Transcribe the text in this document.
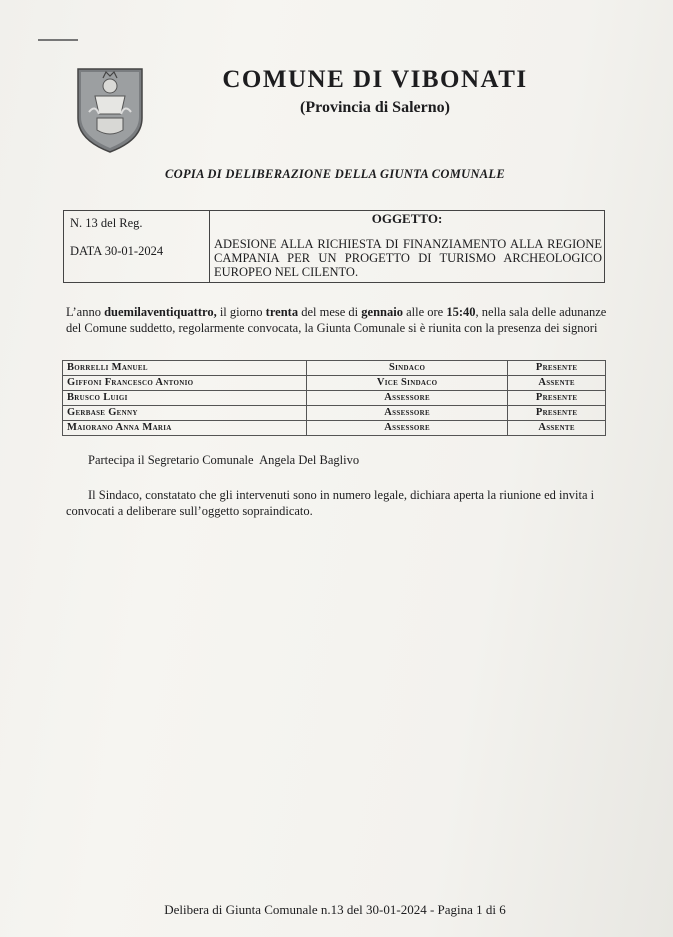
COMUNE DI VIBONATI
(Provincia di Salerno)
COPIA DI DELIBERAZIONE DELLA GIUNTA COMUNALE
N. 13 del Reg.
DATA 30-01-2024
OGGETTO:
ADESIONE ALLA RICHIESTA DI FINANZIAMENTO ALLA REGIONE CAMPANIA PER UN PROGETTO DI TURISMO ARCHEOLOGICO EUROPEO NEL CILENTO.
L’anno duemilaventiquattro, il giorno trenta del mese di gennaio alle ore 15:40, nella sala delle adunanze del Comune suddetto, regolarmente convocata, la Giunta Comunale si è riunita con la presenza dei signori
Borrelli Manuel	Sindaco	Presente
Giffoni Francesco Antonio	Vice Sindaco	Assente
Brusco Luigi	Assessore	Presente
Gerbase Genny	Assessore	Presente
Maiorano Anna Maria	Assessore	Assente
Partecipa il Segretario Comunale  Angela Del Baglivo
Il Sindaco, constatato che gli intervenuti sono in numero legale, dichiara aperta la riunione ed invita i convocati a deliberare sull’oggetto sopraindicato.
Delibera di Giunta Comunale n.13 del 30-01-2024 - Pagina 1 di 6
